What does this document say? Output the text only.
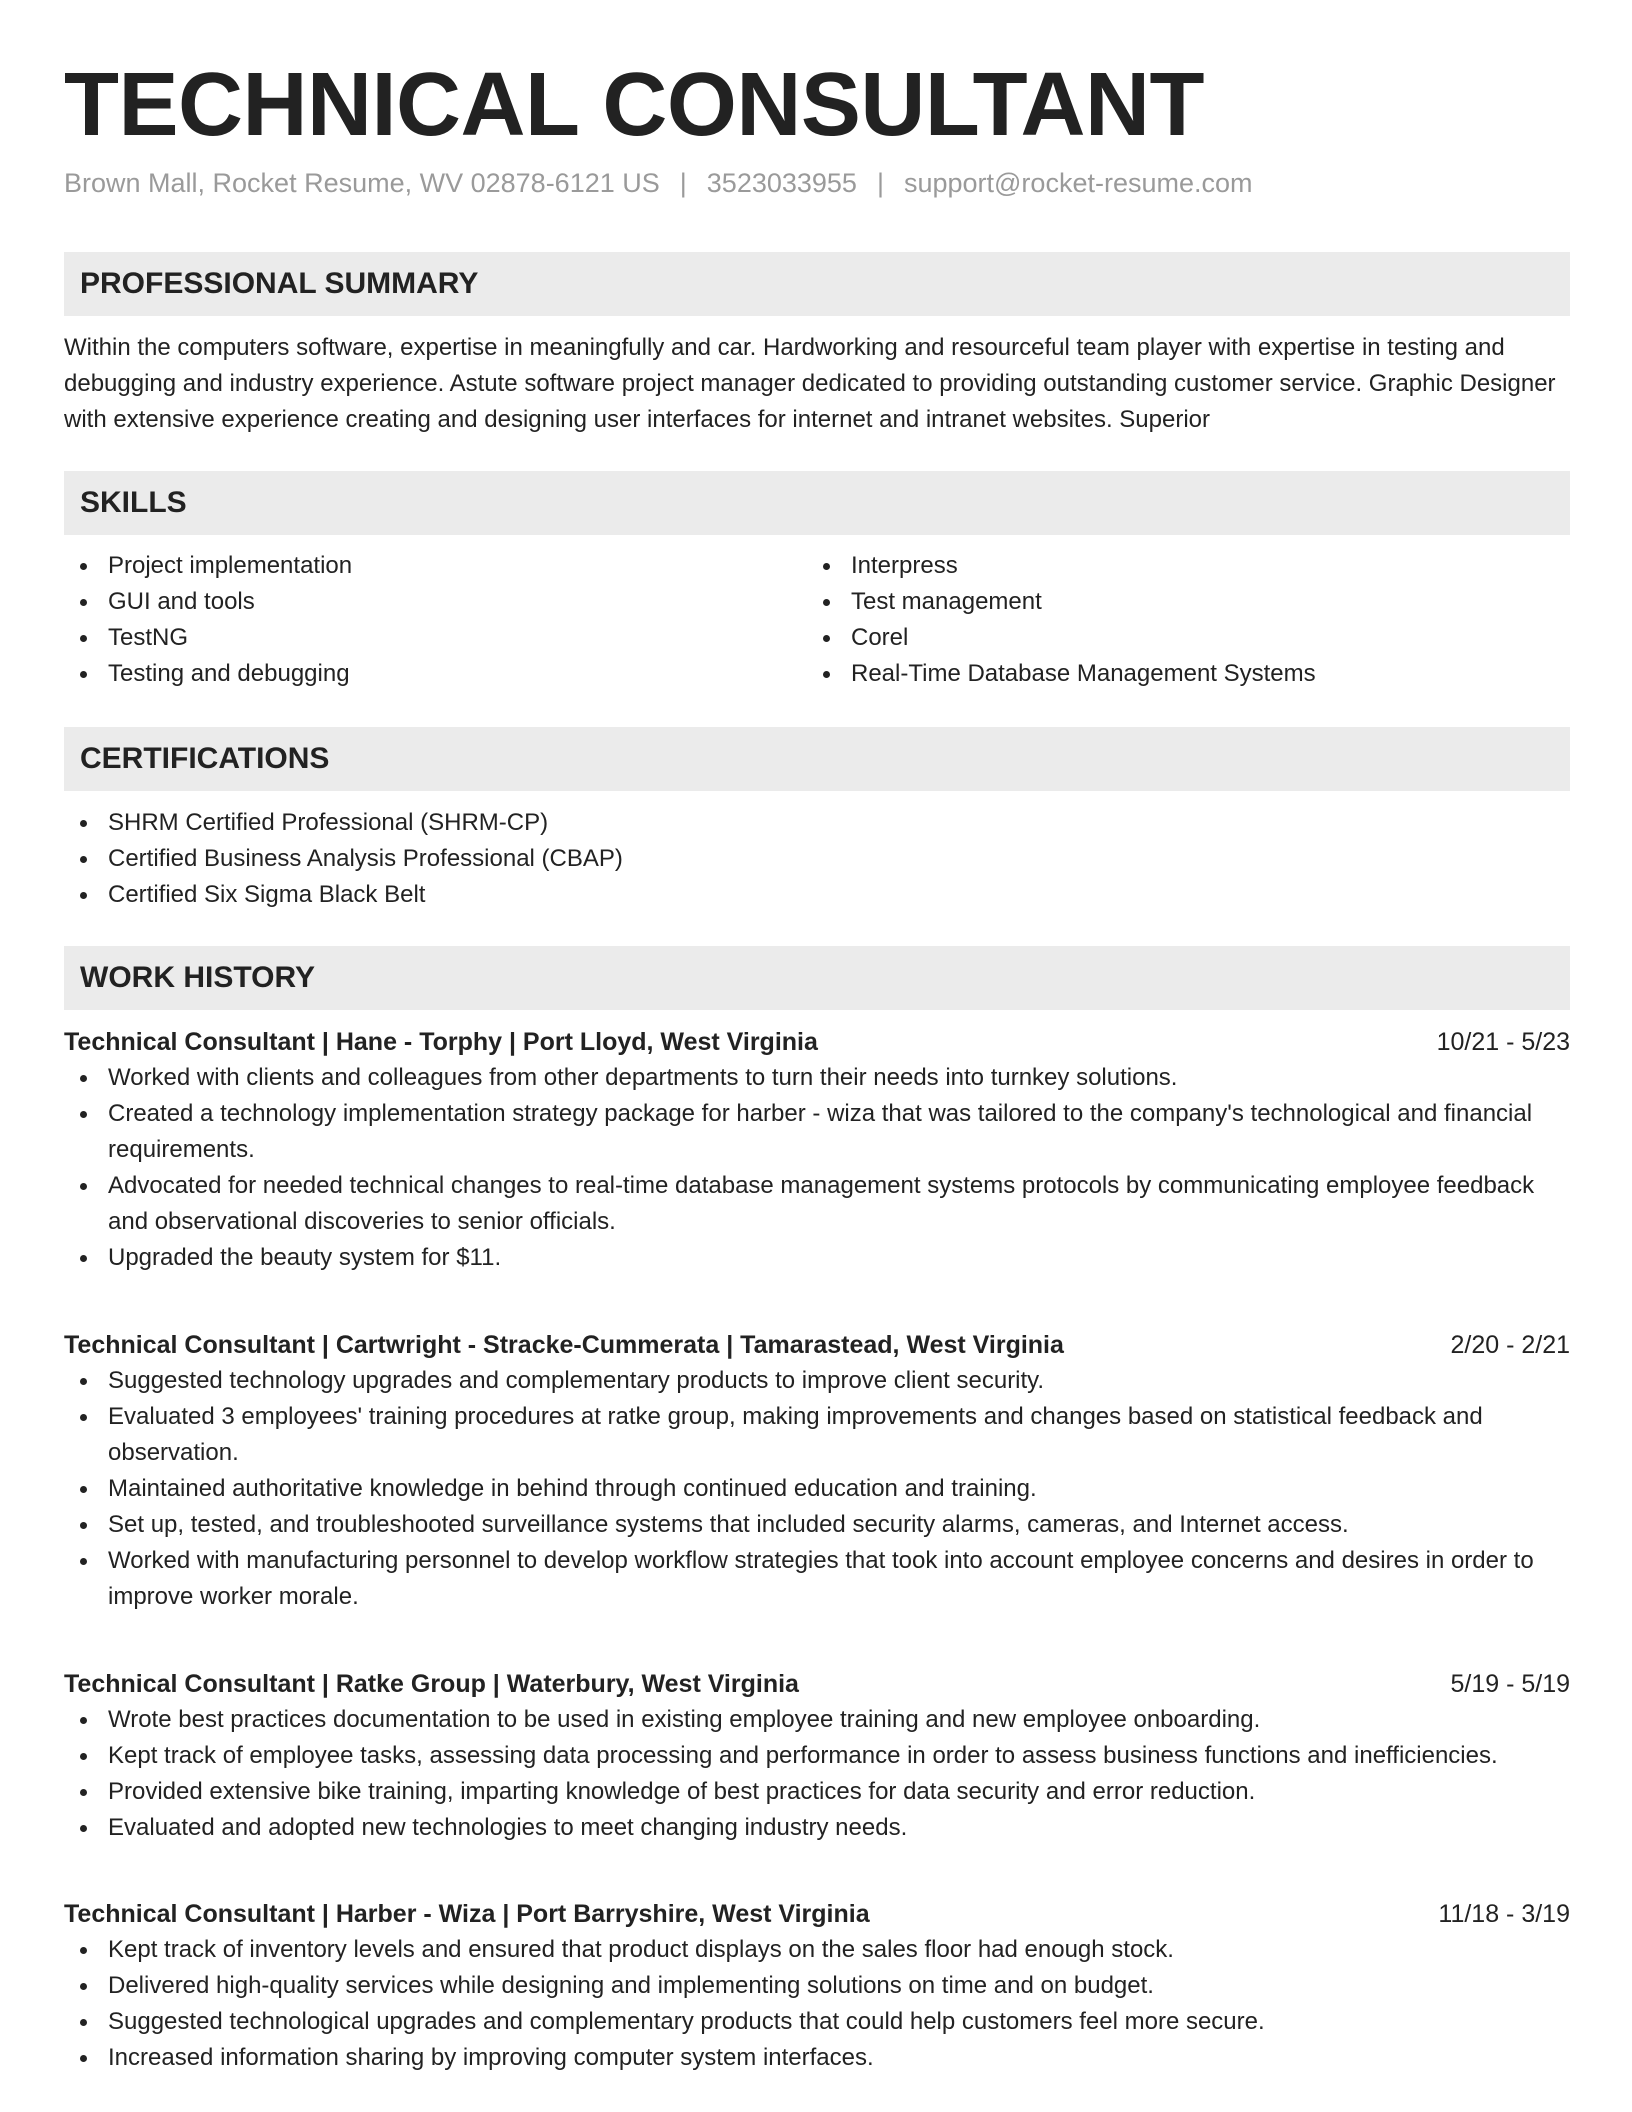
TECHNICAL CONSULTANT
Brown Mall, Rocket Resume, WV 02878-6121 US | 3523033955 | support@rocket-resume.com
PROFESSIONAL SUMMARY

Within the computers software, expertise in meaningfully and car. Hardworking and resourceful team player with expertise in testing and debugging and industry experience. Astute software project manager dedicated to providing outstanding customer service. Graphic Designer with extensive experience creating and designing user interfaces for internet and intranet websites. Superior

SKILLS
Project implementation
GUI and tools
TestNG
Testing and debugging
Interpress
Test management
Corel
Real-Time Database Management Systems
CERTIFICATIONS
SHRM Certified Professional (SHRM-CP)
Certified Business Analysis Professional (CBAP)
Certified Six Sigma Black Belt
WORK HISTORY
Technical Consultant | Hane - Torphy | Port Lloyd, West Virginia	10/21 - 5/23
Worked with clients and colleagues from other departments to turn their needs into turnkey solutions.
Created a technology implementation strategy package for harber - wiza that was tailored to the company's technological and financial requirements.
Advocated for needed technical changes to real-time database management systems protocols by communicating employee feedback and observational discoveries to senior officials.
Upgraded the beauty system for $11.
Technical Consultant | Cartwright - Stracke-Cummerata | Tamarastead, West Virginia	2/20 - 2/21
Suggested technology upgrades and complementary products to improve client security.
Evaluated 3 employees' training procedures at ratke group, making improvements and changes based on statistical feedback and observation.
Maintained authoritative knowledge in behind through continued education and training.
Set up, tested, and troubleshooted surveillance systems that included security alarms, cameras, and Internet access.
Worked with manufacturing personnel to develop workflow strategies that took into account employee concerns and desires in order to improve worker morale.
Technical Consultant | Ratke Group | Waterbury, West Virginia	5/19 - 5/19
Wrote best practices documentation to be used in existing employee training and new employee onboarding.
Kept track of employee tasks, assessing data processing and performance in order to assess business functions and inefficiencies.
Provided extensive bike training, imparting knowledge of best practices for data security and error reduction.
Evaluated and adopted new technologies to meet changing industry needs.
Technical Consultant | Harber - Wiza | Port Barryshire, West Virginia	11/18 - 3/19
Kept track of inventory levels and ensured that product displays on the sales floor had enough stock.
Delivered high-quality services while designing and implementing solutions on time and on budget.
Suggested technological upgrades and complementary products that could help customers feel more secure.
Increased information sharing by improving computer system interfaces.
